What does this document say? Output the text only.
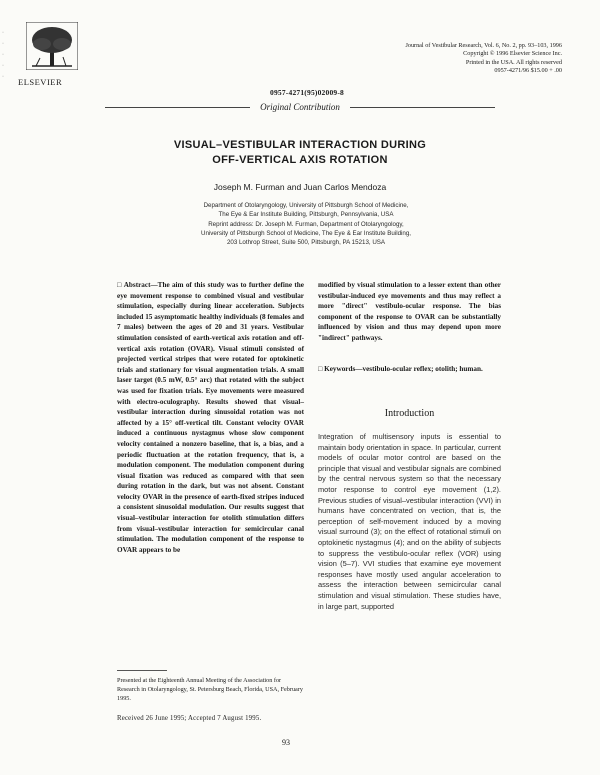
·
·
·
·
·	ELSEVIER
Journal of Vestibular Research, Vol. 6, No. 2, pp. 93–103, 1996
Copyright © 1996 Elsevier Science Inc.
Printed in the USA. All rights reserved
0957-4271/96 $15.00 + .00
0957-4271(95)02009-8
Original Contribution
VISUAL–VESTIBULAR INTERACTION DURING
OFF-VERTICAL AXIS ROTATION
Joseph M. Furman and Juan Carlos Mendoza
Department of Otolaryngology, University of Pittsburgh School of Medicine,
The Eye & Ear Institute Building, Pittsburgh, Pennsylvania, USA
Reprint address: Dr. Joseph M. Furman, Department of Otolaryngology,
University of Pittsburgh School of Medicine, The Eye & Ear Institute Building,
203 Lothrop Street, Suite 500, Pittsburgh, PA 15213, USA
□ Abstract—The aim of this study was to further define the eye movement response to combined visual and vestibular stimulation, especially during linear acceleration. Subjects included 15 asymptomatic healthy individuals (8 females and 7 males) between the ages of 20 and 31 years. Vestibular stimulation consisted of earth-vertical axis rotation and off-vertical axis rotation (OVAR). Visual stimuli consisted of projected vertical stripes that were rotated for optokinetic trials and stationary for visual augmentation trials. A small laser target (0.5 mW, 0.5° arc) that rotated with the subject was used for fixation trials. Eye movements were measured with electro-oculography. Results showed that visual–vestibular interaction during sinusoidal rotation was not affected by a 15° off-vertical tilt. Constant velocity OVAR induced a continuous nystagmus whose slow component velocity contained a nonzero baseline, that is, a bias, and a periodic fluctuation at the rotation frequency, that is, a modulation component. The modulation component during visual fixation was reduced as compared with that seen during rotation in the dark, but was not absent. Constant velocity OVAR in the presence of earth-fixed stripes induced a consistent sinusoidal modulation. Our results suggest that visual–vestibular interaction for otolith stimulation differs from visual–vestibular interaction for semicircular canal stimulation. The modulation component of the response to OVAR appears to be
modified by visual stimulation to a lesser extent than other vestibular-induced eye movements and thus may reflect a more "direct" vestibulo-ocular response. The bias component of the response to OVAR can be substantially influenced by vision and thus may depend upon more "indirect" pathways.
□ Keywords—vestibulo-ocular reflex; otolith; human.
Introduction
Integration of multisensory inputs is essential to maintain body orientation in space. In particular, current models of ocular motor control are based on the principle that visual and vestibular signals are combined by the central nervous system so that the necessary motor response to control eye movement (1,2). Previous studies of visual–vestibular interaction (VVI) in humans have concentrated on vection, that is, the perception of self-movement induced by a moving visual surround (3); on the effect of rotational stimuli on optokinetic nystagmus (4); and on the ability of subjects to suppress the vestibulo-ocular reflex (VOR) using vision (5–7). VVI studies that examine eye movement responses have mostly used angular acceleration to assess the interaction between semicircular canal stimulation and visual stimulation. These studies have, in large part, supported
Presented at the Eighteenth Annual Meeting of the Association for Research in Otolaryngology, St. Petersburg Beach, Florida, USA, February 1995.
Received 26 June 1995; Accepted 7 August 1995.
93
